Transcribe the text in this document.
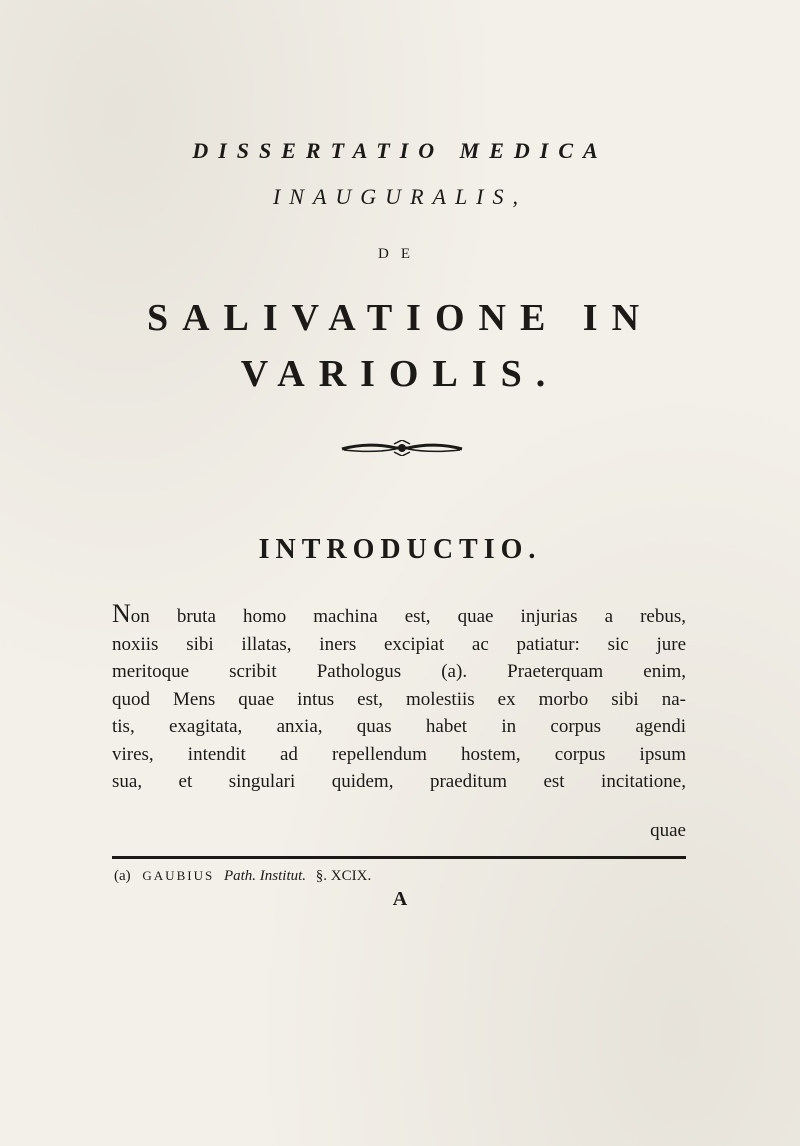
DISSERTATIO MEDICA
INAUGURALIS,
DE
SALIVATIONE IN
VARIOLIS.
INTRODUCTIO.
Non bruta homo machina est, quae injurias a rebus,
noxiis sibi illatas, iners excipiat ac patiatur: sic jure
meritoque scribit Pathologus (a). Praeterquam enim,
quod Mens quae intus est, molestiis ex morbo sibi na-
tis, exagitata, anxia, quas habet in corpus agendi
vires, intendit ad repellendum hostem, corpus ipsum
sua, et singulari quidem, praeditum est incitatione,
quae
(a) GAUBIUS Path. Institut. §. XCIX.
A
